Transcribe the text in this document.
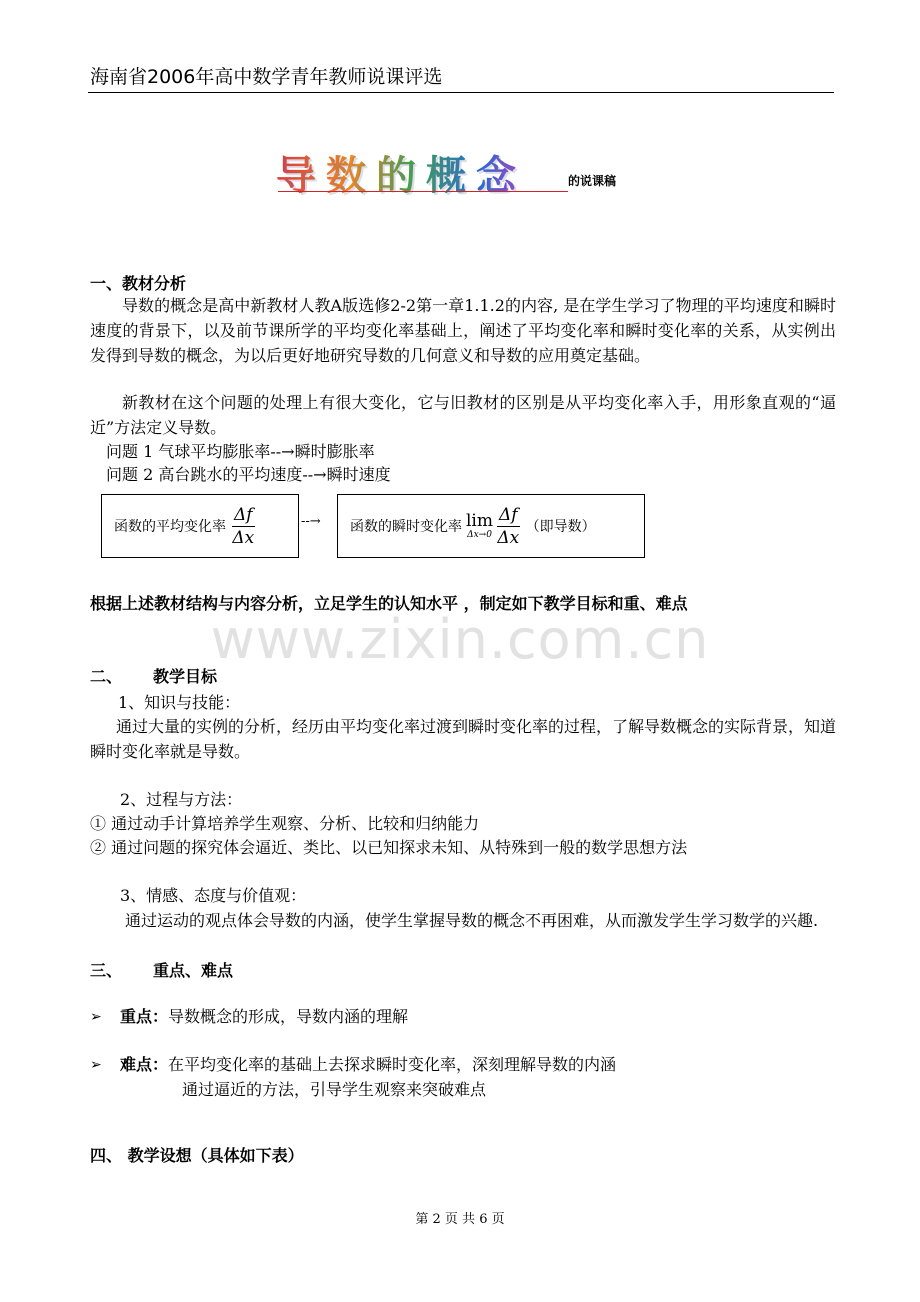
海南省2006年高中数学青年教师说课评选
导数的概念	的说课稿
一、教材分析
导数的概念是高中新教材人教A版选修2-2第一章1.1.2的内容, 是在学生学习了物理的平均速度和瞬时速度的背景下，以及前节课所学的平均变化率基础上，阐述了平均变化率和瞬时变化率的关系，从实例出发得到导数的概念，为以后更好地研究导数的几何意义和导数的应用奠定基础。
新教材在这个问题的处理上有很大变化，它与旧教材的区别是从平均变化率入手，用形象直观的“逼近”方法定义导数。
问题 1 气球平均膨胀率--→瞬时膨胀率
问题 2 高台跳水的平均速度--→瞬时速度
函数的平均变化率 $\frac{\Delta f}{\Delta x}$	--→ 函数的瞬时变化率 lim
$\Delta x\to 0 \frac{\Delta f}{\Delta x}$ （即导数）
根据上述教材结构与内容分析，立足学生的认知水平 ，制定如下教学目标和重、难点
www.zixin.com.cn
二、 教学目标
1、知识与技能：
通过大量的实例的分析，经历由平均变化率过渡到瞬时变化率的过程，了解导数概念的实际背景，知道瞬时变化率就是导数。
2、过程与方法：
① 通过动手计算培养学生观察、分析、比较和归纳能力
② 通过问题的探究体会逼近、类比、以已知探求未知、从特殊到一般的数学思想方法
3、情感、态度与价值观：
通过运动的观点体会导数的内涵，使学生掌握导数的概念不再困难，从而激发学生学习数学的兴趣.
三、 重点、难点
➢ 重点：导数概念的形成，导数内涵的理解
➢ 难点：在平均变化率的基础上去探求瞬时变化率，深刻理解导数的内涵
通过逼近的方法，引导学生观察来突破难点
四、 教学设想（具体如下表）
第 2 页 共 6 页
